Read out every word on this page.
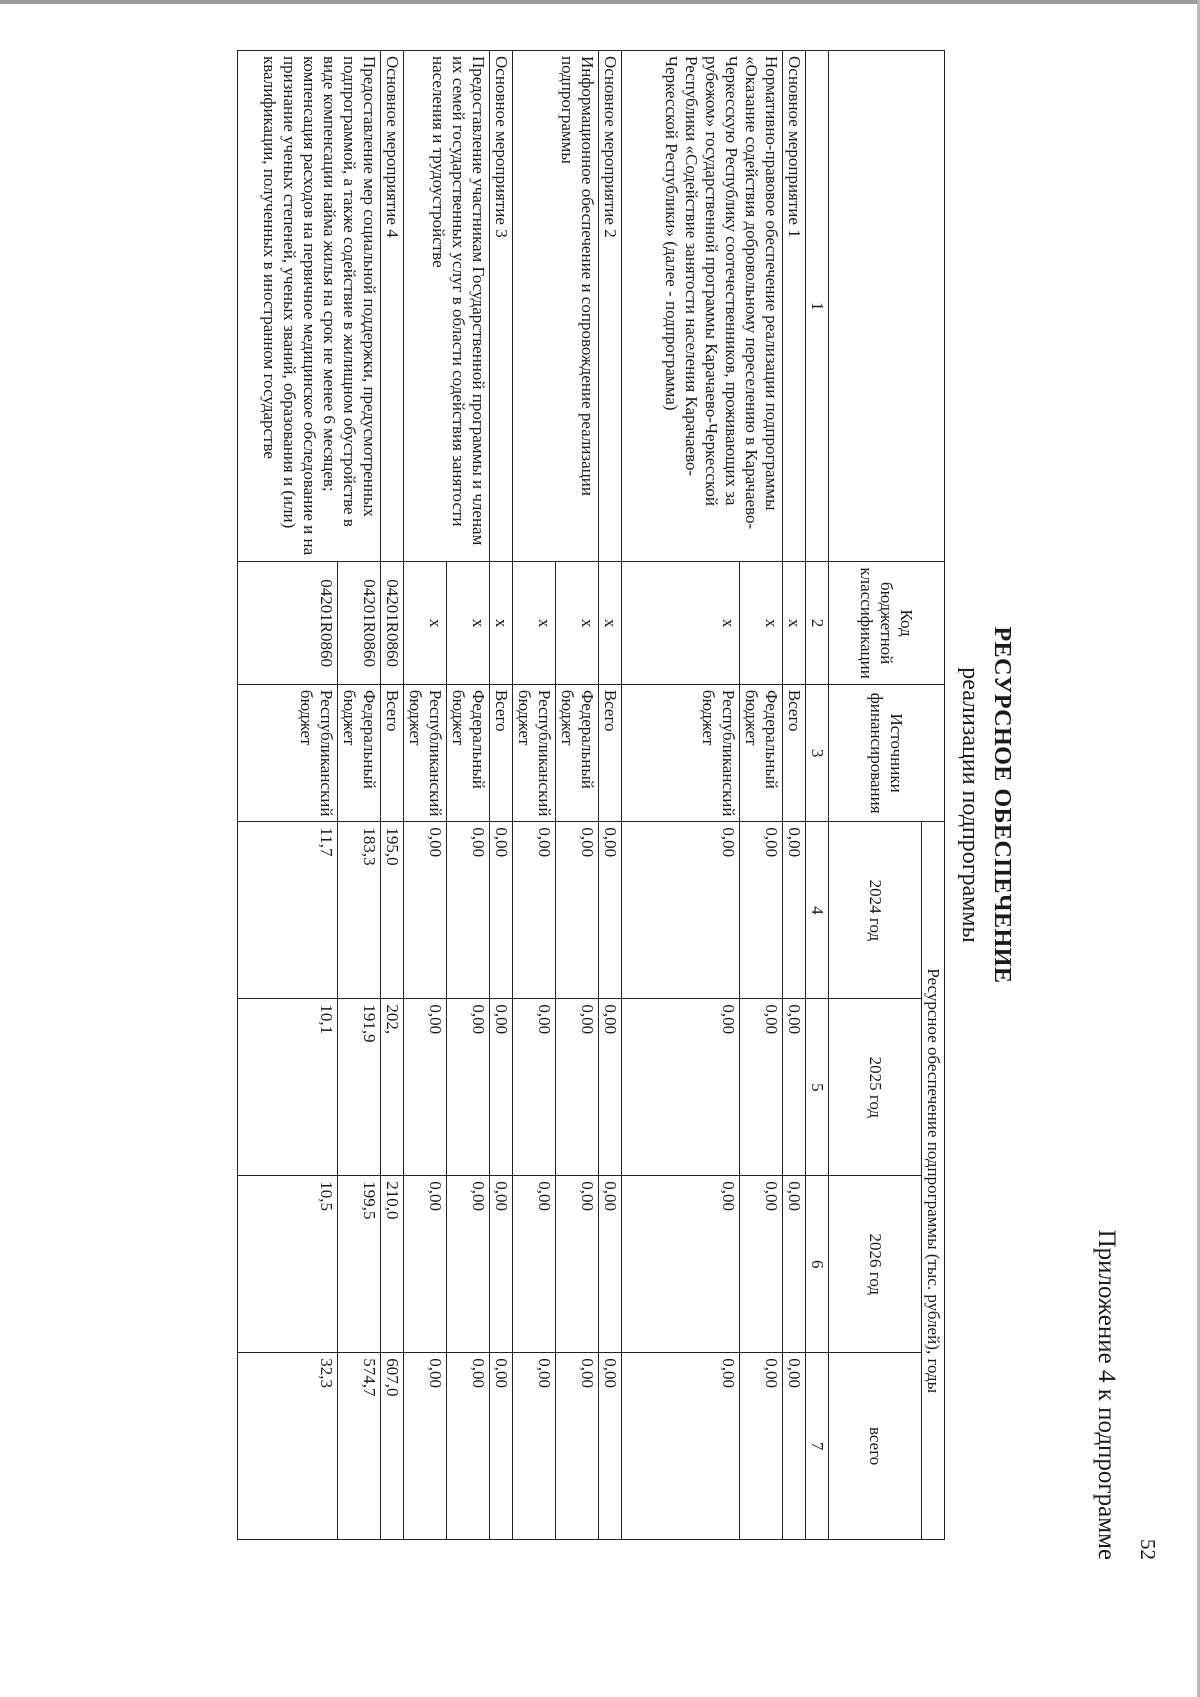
52
Приложение 4 к подпрограмме
РЕСУРСНОЕ ОБЕСПЕЧЕНИЕ
реализации подпрограммы
	Код бюджетной классификации	Источники финансирования	Ресурсное обеспечение подпрограммы (тыс. рублей), годы			
			2024 год	2025 год	2026 год	всего
1	2	3	4	5	6	7
Основное мероприятие 1	x	Всего	0,00	0,00	0,00	0,00
Нормативно-правовое обеспечение реализации подпрограммы «Оказание содействия добровольному переселению в Карачаево-Черкесскую Республику соотечественников, проживающих за рубежом» государственной программы Карачаево-Черкесской Республики «Содействие занятости населения Карачаево-Черкесской Республики» (далее - подпрограмма)	x	Федеральный бюджет	0,00	0,00	0,00	0,00
	x	Республиканский бюджет	0,00	0,00	0,00	0,00
Основное мероприятие 2	x	Всего	0,00	0,00	0,00	0,00
Информационное обеспечение и сопровождение реализации подпрограммы	x	Федеральный бюджет	0,00	0,00	0,00	0,00
	x	Республиканский бюджет	0,00	0,00	0,00	0,00
Основное мероприятие 3	x	Всего	0,00	0,00	0,00	0,00
Предоставление участникам Государственной программы и членам их семей государственных услуг в области содействия занятости населения и трудоустройстве	x	Федеральный бюджет	0,00	0,00	0,00	0,00
	x	Республиканский бюджет	0,00	0,00	0,00	0,00
Основное мероприятие 4	04201R0860	Всего	195,0	202,	210,0	607,0
Предоставление мер социальной поддержки, предусмотренных подпрограммой, а также содействие в жилищном обустройстве в виде компенсации найма жилья на срок не менее 6 месяцев; компенсация расходов на первичное медицинское обследование и на признание ученых степеней, ученых званий, образования и (или) квалификации, полученных в иностранном государстве	04201R0860	Федеральный бюджет	183,3	191,9	199,5	574,7
	04201R0860	Республиканский бюджет	11,7	10,1	10,5	32,3
